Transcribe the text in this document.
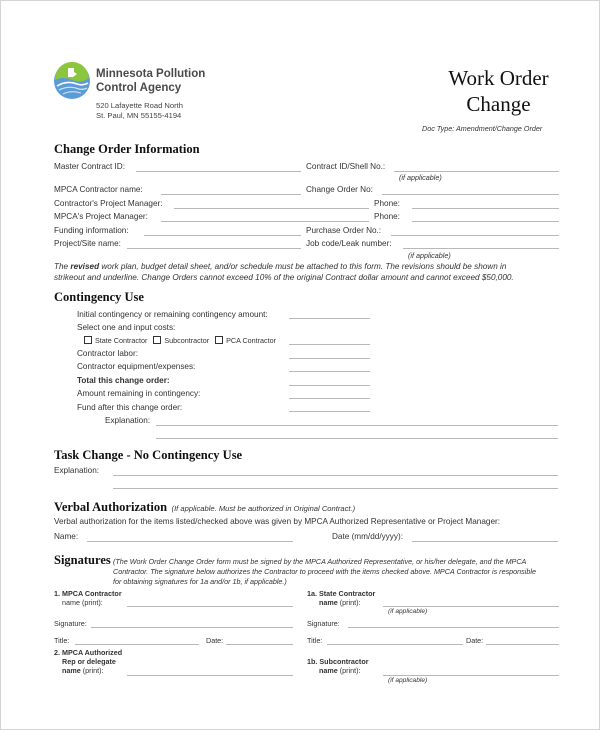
Minnesota Pollution
Control Agency
520 Lafayette Road North
St. Paul, MN 55155-4194
Work Order
Change
Doc Type: Amendment/Change Order
Change Order Information
Master Contract ID:	Contract ID/Shell No.:
(if applicable)
MPCA Contractor name:	Change Order No:
Contractor's Project Manager:	Phone:
MPCA's Project Manager:	Phone:
Funding information:	Purchase Order No.:
Project/Site name:	Job code/Leak number:
(if applicable)
The revised work plan, budget detail sheet, and/or schedule must be attached to this form. The revisions should be shown in
strikeout and underline. Change Orders cannot exceed 10% of the original Contract dollar amount and cannot exceed $50,000.
Contingency Use
Initial contingency or remaining contingency amount:
Select one and input costs:
State Contractor Subcontractor PCA Contractor
Contractor labor:
Contractor equipment/expenses:
Total this change order:
Amount remaining in contingency:
Fund after this change order:
Explanation:
Task Change - No Contingency Use
Explanation:
Verbal Authorization (If applicable. Must be authorized in Original Contract.)
Verbal authorization for the items listed/checked above was given by MPCA Authorized Representative or Project Manager:
Name:	Date (mm/dd/yyyy):
Signatures (The Work Order Change Order form must be signed by the MPCA Authorized Representative, or his/her delegate, and the MPCA
Contractor. The signature below authorizes the Contractor to proceed with the items checked above. MPCA Contractor is responsible
for obtaining signatures for 1a and/or 1b, if applicable.)
1. MPCA Contractor
name (print):
Signature:
Title:	Date:
2. MPCA Authorized
Rep or delegate
name (print):
1a. State Contractor
name (print):
(if applicable)
Signature:
Title:	Date:
1b. Subcontractor
name (print):
(if applicable)
